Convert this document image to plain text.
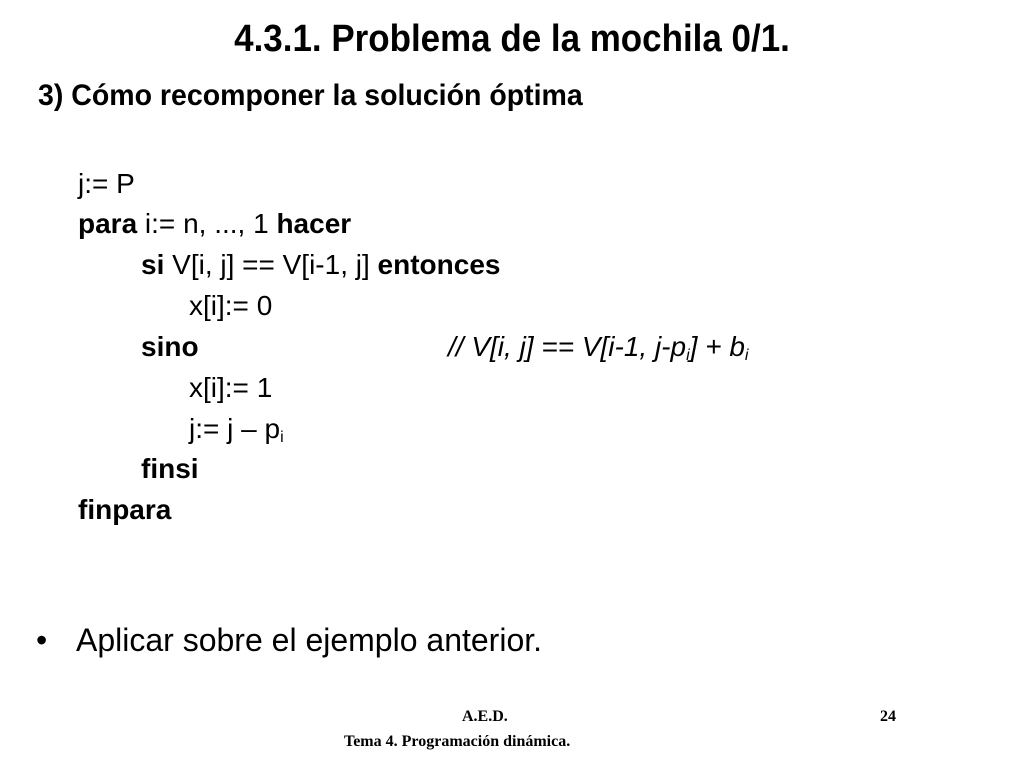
4.3.1. Problema de la mochila 0/1.
3) Cómo recomponer la solución óptima
j:= P
para i:= n, ..., 1 hacer
si V[i, j] == V[i-1, j] entonces
x[i]:= 0
sino	// V[i, j] == V[i-1, $j-p_i] + b_i$
x[i]:= 1
j:= j – $p_i$
finsi
finpara
• Aplicar sobre el ejemplo anterior.
A.E.D.
Tema 4. Programación dinámica.
24
